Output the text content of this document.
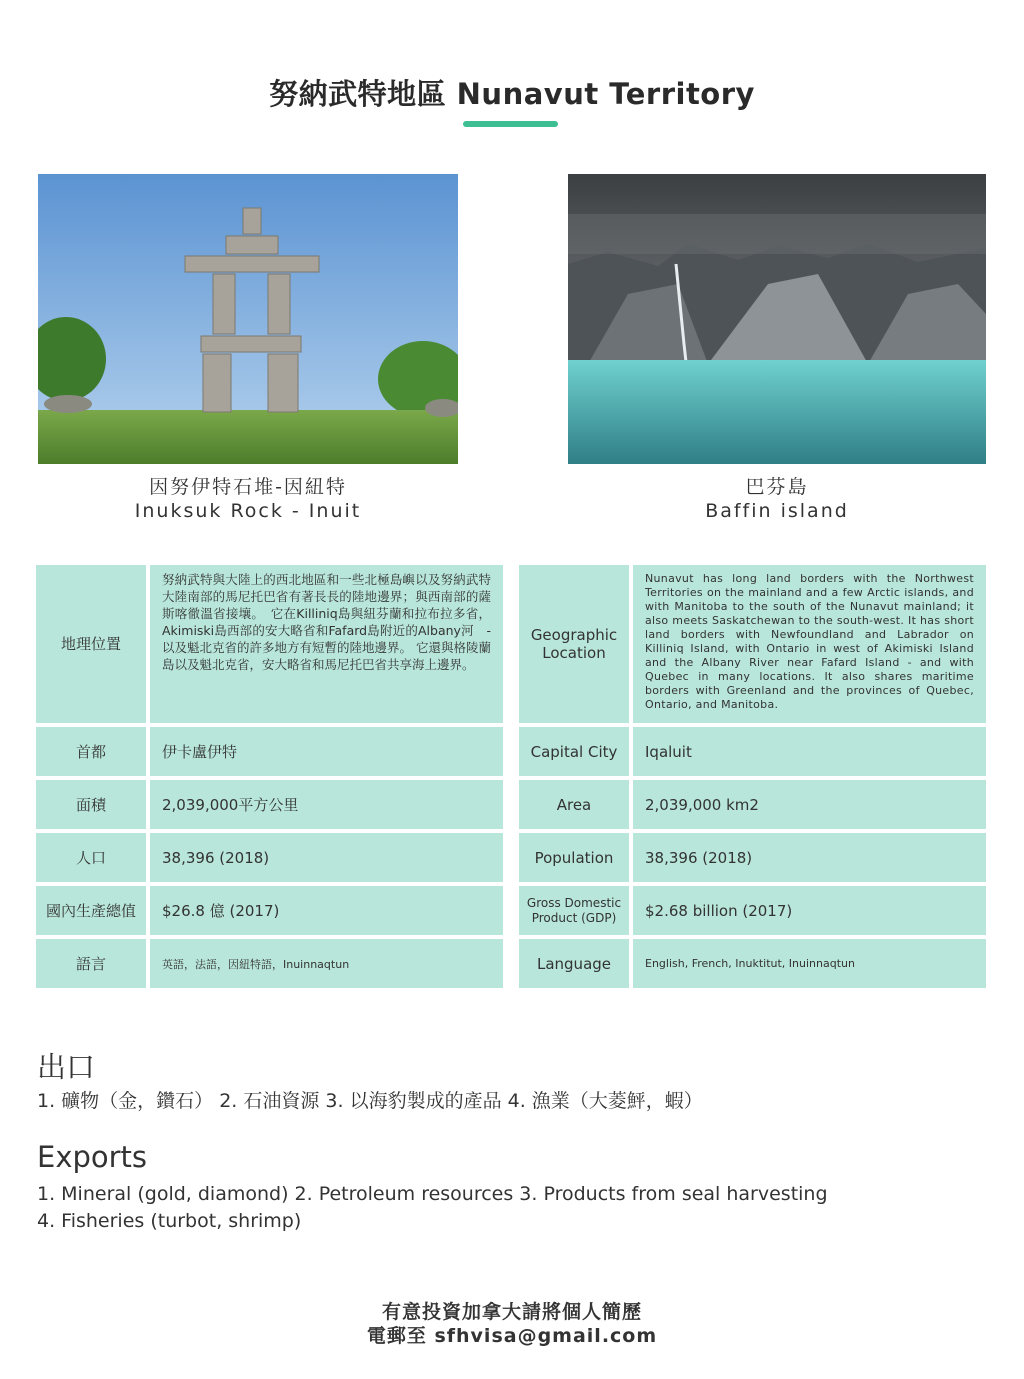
努納武特地區 Nunavut Territory
因努伊特石堆-因紐特
Inuksuk Rock - Inuit
巴芬島
Baffin island
地理位置
努納武特與大陸上的西北地區和一些北極島嶼以及努納武特大陸南部的馬尼托巴省有著長長的陸地邊界；與西南部的薩斯喀徹溫省接壤。　它在Killiniq島與紐芬蘭和拉布拉多省，Akimiski島西部的安大略省和Fafard島附近的Albany河　-以及魁北克省的許多地方有短暫的陸地邊界。 它還與格陵蘭島以及魁北克省，安大略省和馬尼托巴省共享海上邊界。
首都	伊卡盧伊特
面積	2,039,000平方公里
人口	38,396 (2018)
國內生產總值	$26.8 億 (2017)
語言	英語，法語，因紐特語，Inuinnaqtun
Geographic Location
Nunavut has long land borders with the Northwest Territories on the mainland and a few Arctic islands, and with Manitoba to the south of the Nunavut mainland; it also meets Saskatchewan to the south-west. It has short land borders with Newfoundland and Labrador on Killiniq Island, with Ontario in west of Akimiski Island and the Albany River near Fafard Island - and with Quebec in many locations. It also shares maritime borders with Greenland and the provinces of Quebec, Ontario, and Manitoba.
Capital City	Iqaluit
Area	2,039,000 km2
Population	38,396 (2018)
Gross Domestic Product (GDP)	$2.68 billion (2017)
Language	English, French, Inuktitut, Inuinnaqtun
出口
1. 礦物（金，鑽石） 2. 石油資源 3. 以海豹製成的產品 4. 漁業（大菱鮃，蝦）
Exports
1. Mineral (gold, diamond) 2. Petroleum resources 3. Products from seal harvesting
4. Fisheries (turbot, shrimp)
有意投資加拿大請將個人簡歷
電郵至 sfhvisa@gmail.com
